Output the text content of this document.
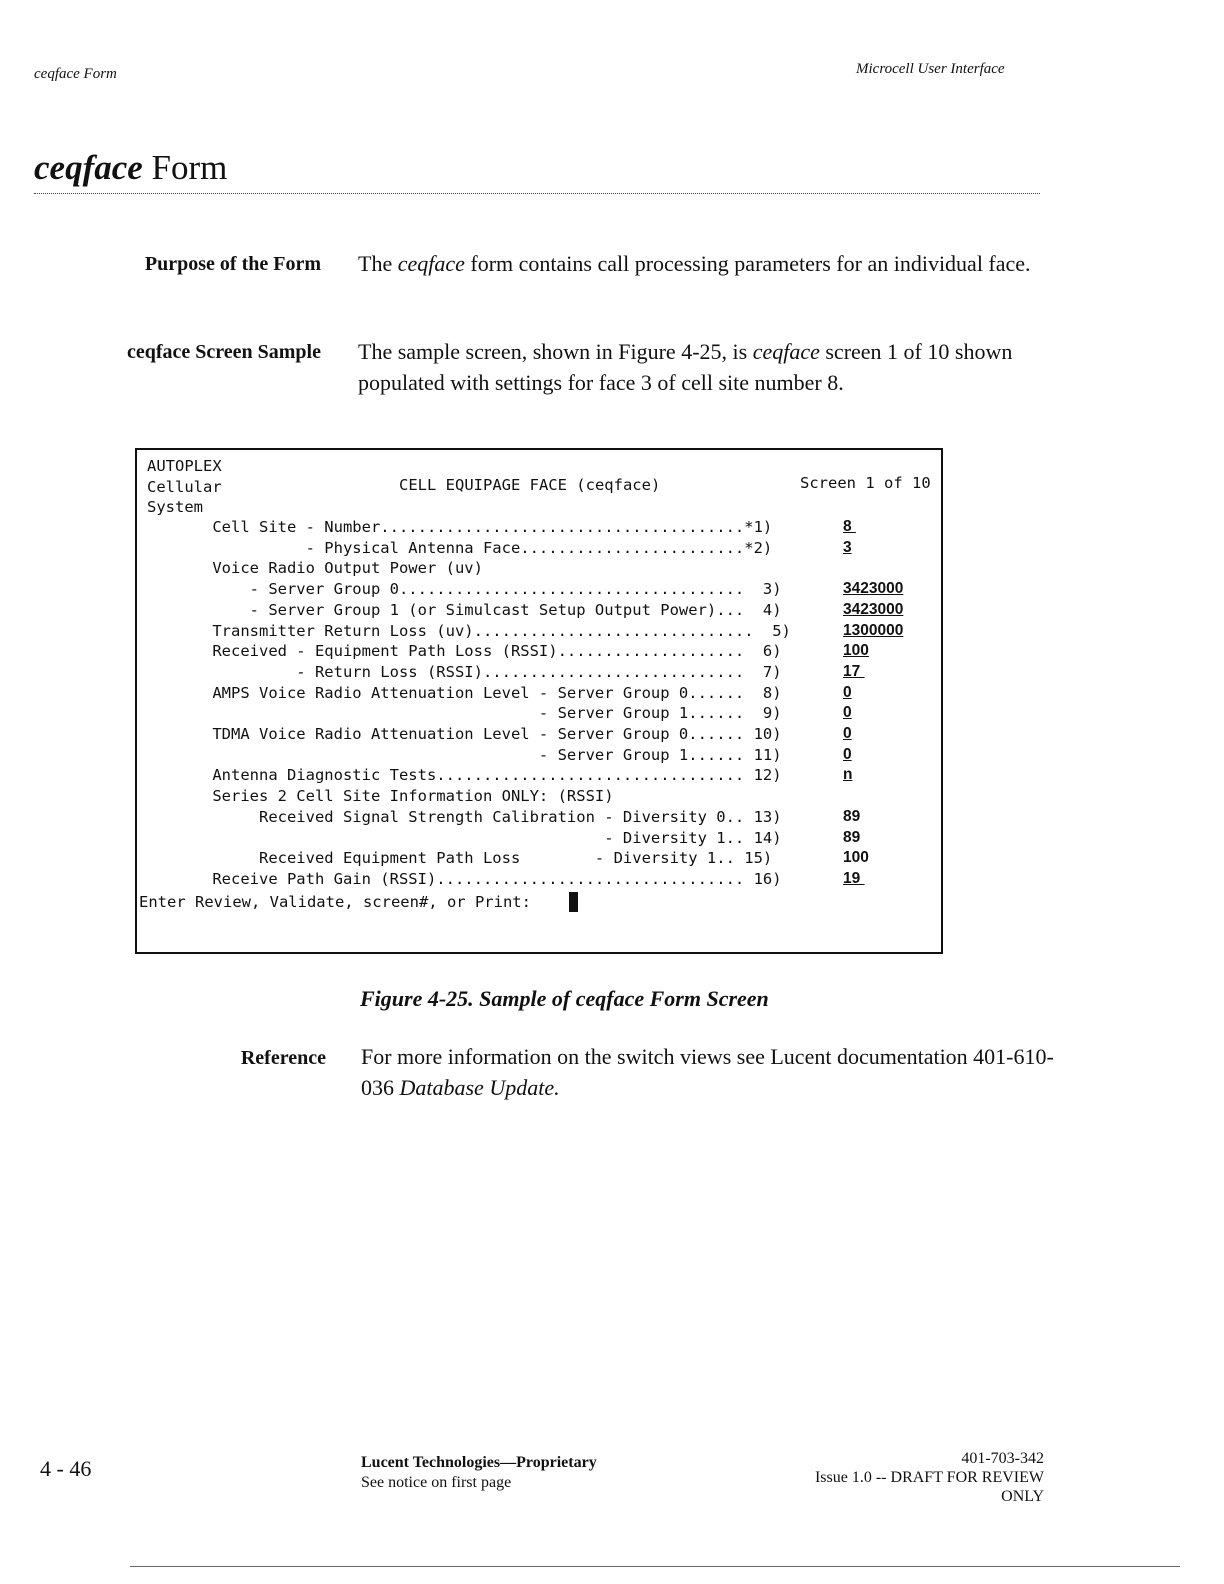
ceqface Form	Microcell User Interface
ceqface Form
Purpose of the Form The ceqface form contains call processing parameters for an individual face.
ceqface Screen Sample The sample screen, shown in Figure 4-25, is ceqface screen 1 of 10 shown populated with settings for face 3 of cell site number 8.
AUTOPLEX
Cellular
System
CELL EQUIPAGE FACE (ceqface)	Screen 1 of 10
Cell Site - Number.......................................*1)	8
- Physical Antenna Face........................*2)	3
Voice Radio Output Power (uv)
- Server Group 0.....................................  3)	3423000
- Server Group 1 (or Simulcast Setup Output Power)...  4)	3423000
Transmitter Return Loss (uv)..............................  5)	1300000
Received - Equipment Path Loss (RSSI)....................  6)	100
- Return Loss (RSSI)............................  7)	17
AMPS Voice Radio Attenuation Level - Server Group 0......  8)	0
- Server Group 1......  9)	0
TDMA Voice Radio Attenuation Level - Server Group 0...... 10)	0
- Server Group 1...... 11)	0
Antenna Diagnostic Tests................................. 12)	n
Series 2 Cell Site Information ONLY: (RSSI)
Received Signal Strength Calibration - Diversity 0.. 13)	89
- Diversity 1.. 14)	89
Received Equipment Path Loss        - Diversity 1.. 15)	100
Receive Path Gain (RSSI)................................. 16)	19
Enter Review, Validate, screen#, or Print:
Figure 4-25. Sample of ceqface Form Screen
Reference For more information on the switch views see Lucent documentation 401-610-036 Database Update.
4 - 46	Lucent Technologies—Proprietary
See notice on first page
401-703-342
Issue 1.0 -- DRAFT FOR REVIEW
ONLY
